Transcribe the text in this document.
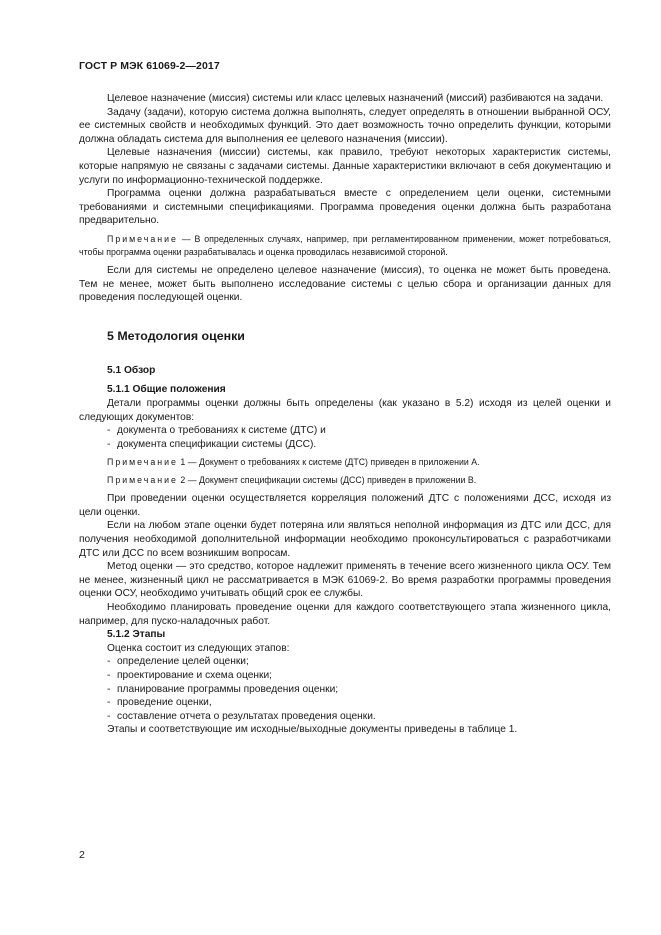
ГОСТ Р МЭК 61069-2—2017

Целевое назначение (миссия) системы или класс целевых назначений (миссий) разбиваются на задачи.

Задачу (задачи), которую система должна выполнять, следует определять в отношении выбранной ОСУ, ее системных свойств и необходимых функций. Это дает возможность точно определить функции, которыми должна обладать система для выполнения ее целевого назначения (миссии).

Целевые назначения (миссии) системы, как правило, требуют некоторых характеристик системы, которые напрямую не связаны с задачами системы. Данные характеристики включают в себя документацию и услуги по информационно-технической поддержке.

Программа оценки должна разрабатываться вместе с определением цели оценки, системными требованиями и системными спецификациями. Программа проведения оценки должна быть разработана предварительно.

Примечание — В определенных случаях, например, при регламентированном применении, может потребоваться, чтобы программа оценки разрабатывалась и оценка проводилась независимой стороной.

Если для системы не определено целевое назначение (миссия), то оценка не может быть проведена. Тем не менее, может быть выполнено исследование системы с целью сбора и организации данных для проведения последующей оценки.

5 Методология оценки

5.1 Обзор

5.1.1 Общие положения

Детали программы оценки должны быть определены (как указано в 5.2) исходя из целей оценки и следующих документов:

- документа о требованиях к системе (ДТС) и

- документа спецификации системы (ДСС).

Примечание 1 — Документ о требованиях к системе (ДТС) приведен в приложении А.

Примечание 2 — Документ спецификации системы (ДСС) приведен в приложении В.

При проведении оценки осуществляется корреляция положений ДТС с положениями ДСС, исходя из цели оценки.

Если на любом этапе оценки будет потеряна или являться неполной информация из ДТС или ДСС, для получения необходимой дополнительной информации необходимо проконсультироваться с разработчиками ДТС или ДСС по всем возникшим вопросам.

Метод оценки — это средство, которое надлежит применять в течение всего жизненного цикла ОСУ. Тем не менее, жизненный цикл не рассматривается в МЭК 61069-2. Во время разработки программы проведения оценки ОСУ, необходимо учитывать общий срок ее службы.

Необходимо планировать проведение оценки для каждого соответствующего этапа жизненного цикла, например, для пуско-наладочных работ.

5.1.2 Этапы

Оценка состоит из следующих этапов:

- определение целей оценки;

- проектирование и схема оценки;

- планирование программы проведения оценки;

- проведение оценки,

- составление отчета о результатах проведения оценки.

Этапы и соответствующие им исходные/выходные документы приведены в таблице 1.

2
